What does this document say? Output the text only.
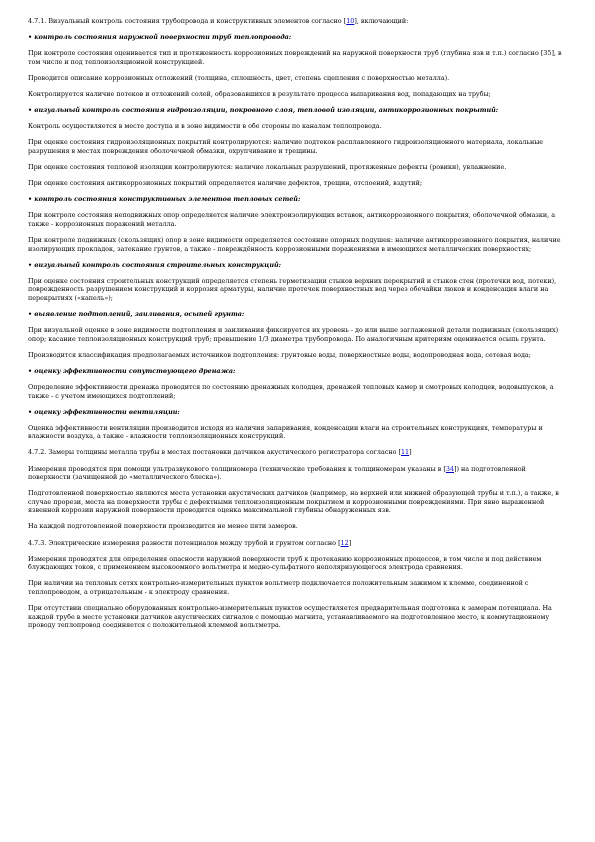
4.7.1. Визуальный контроль состояния трубопровода и конструктивных элементов согласно [10], включающий:

• контроль состояния наружной поверхности труб теплопровода:

При контроле состояния оценивается тип и протяженность коррозионных повреждений на наружной поверхности труб (глубина язв и т.п.) согласно [35], в том числе и под теплоизоляционной конструкцией.

Проводится описание коррозионных отложений (толщина, сплошность, цвет, степень сцепления с поверхностью металла).

Контролируется наличие потеков и отложений солей, образовавшихся в результате процесса выпаривания вод, попадающих на трубы;

• визуальный контроль состояния гидроизоляции, покровного слоя, тепловой изоляции, антикоррозионных покрытий:

Контроль осуществляется в месте доступа и в зоне видимости в обе стороны по каналам теплопровода.

При оценке состояния гидроизоляционных покрытий контролируются: наличие подтеков расплавленного гидроизоляционного материала, локальные разрушения в местах повреждения оболочечной обмазки, охрупчивание и трещины.

При оценке состояния тепловой изоляции контролируются: наличие локальных разрушений, протяженные дефекты (ровики), увлажнение.

При оценке состояния антикоррозионных покрытий определяется наличие дефектов, трещин, отслоений, вздутий;

• контроль состояния конструктивных элементов тепловых сетей:

При контроле состояния неподвижных опор определяется наличие электроизолирующих вставок, антикоррозионного покрытия, оболочечной обмазки, а также - коррозионных поражений металла.

При контроле подвижных (скользящих) опор в зоне видимости определяется состояние опорных подушек: наличие антикоррозионного покрытия, наличие изолирующих прокладок, затекание грунтов, а также - повреждённость коррозионными поражениями в имеющихся металлических поверхностях;

• визуальный контроль состояния строительных конструкций:

При оценке состояния строительных конструкций определяется степень герметизации стыков верхних перекрытий и стыков стен (протечки вод, потеки), поврежденность разрушением конструкций и коррозия арматуры, наличие протечек поверхностных вод через обечайки люков и конденсация влаги на перекрытиях («капель»);

• выявление подтоплений, заиливания, осыпей грунта:

При визуальной оценке в зоне видимости подтопления и заиливания фиксируется их уровень - до или выше заглаженной детали подвижных (скользящих) опор; касание теплоизоляционных конструкций труб; превышение 1/3 диаметра трубопровода. По аналогичным критериям оценивается осыпь грунта.

Производится классификация предполагаемых источников подтопления: грунтовые воды, поверхностные воды, водопроводная вода, сетевая вода;

• оценку эффективности сопутствующего дренажа:

Определение эффективности дренажа проводится по состоянию дренажных колодцев, дренажей тепловых камер и смотровых колодцев, водовыпусков, а также - с учетом имеющихся подтоплений;

• оценку эффективности вентиляции:

Оценка эффективности вентиляции производится исходя из наличия запаривания, конденсации влаги на строительных конструкциях, температуры и влажности воздуха, а также - влажности теплоизоляционных конструкций.

4.7.2. Замеры толщины металла трубы в местах постановки датчиков акустического регистратора согласно [11]

Измерения проводятся при помощи ультразвукового толщиномера (технические требования к толщиномерам указаны в [34]) на подготовленной поверхности (зачищенной до «металлического блеска»).

Подготовленной поверхностью являются места установки акустических датчиков (например, на верхней или нижней образующей трубы и т.п.), а также, в случае прорези, места на поверхности трубы с дефектными теплоизоляционным покрытием и коррозионными повреждениями. При явно выраженной язвенной коррозии наружной поверхности проводится оценка максимальной глубины обнаруженных язв.

На каждой подготовленной поверхности производится не менее пяти замеров.

4.7.3. Электрические измерения разности потенциалов между трубой и грунтом согласно [12]

Измерения проводятся для определения опасности наружной поверхности труб к протеканию коррозионных процессов, в том числе и под действием блуждающих токов, с применением высокоомного вольтметра и медно-сульфатного неполяризующегося электрода сравнения.

При наличии на тепловых сетях контрольно-измерительных пунктов вольтметр подключается положительным зажимом к клемме, соединенной с теплопроводом, а отрицательным - к электроду сравнения.

При отсутствии специально оборудованных контрольно-измерительных пунктов осуществляется предварительная подготовка к замерам потенциала. На каждой трубе в месте установки датчиков акустических сигналов с помощью магнита, устанавливаемого на подготовленное место, к коммутационному проводу теплопровод соединяется с положительной клеммой вольтметра.
